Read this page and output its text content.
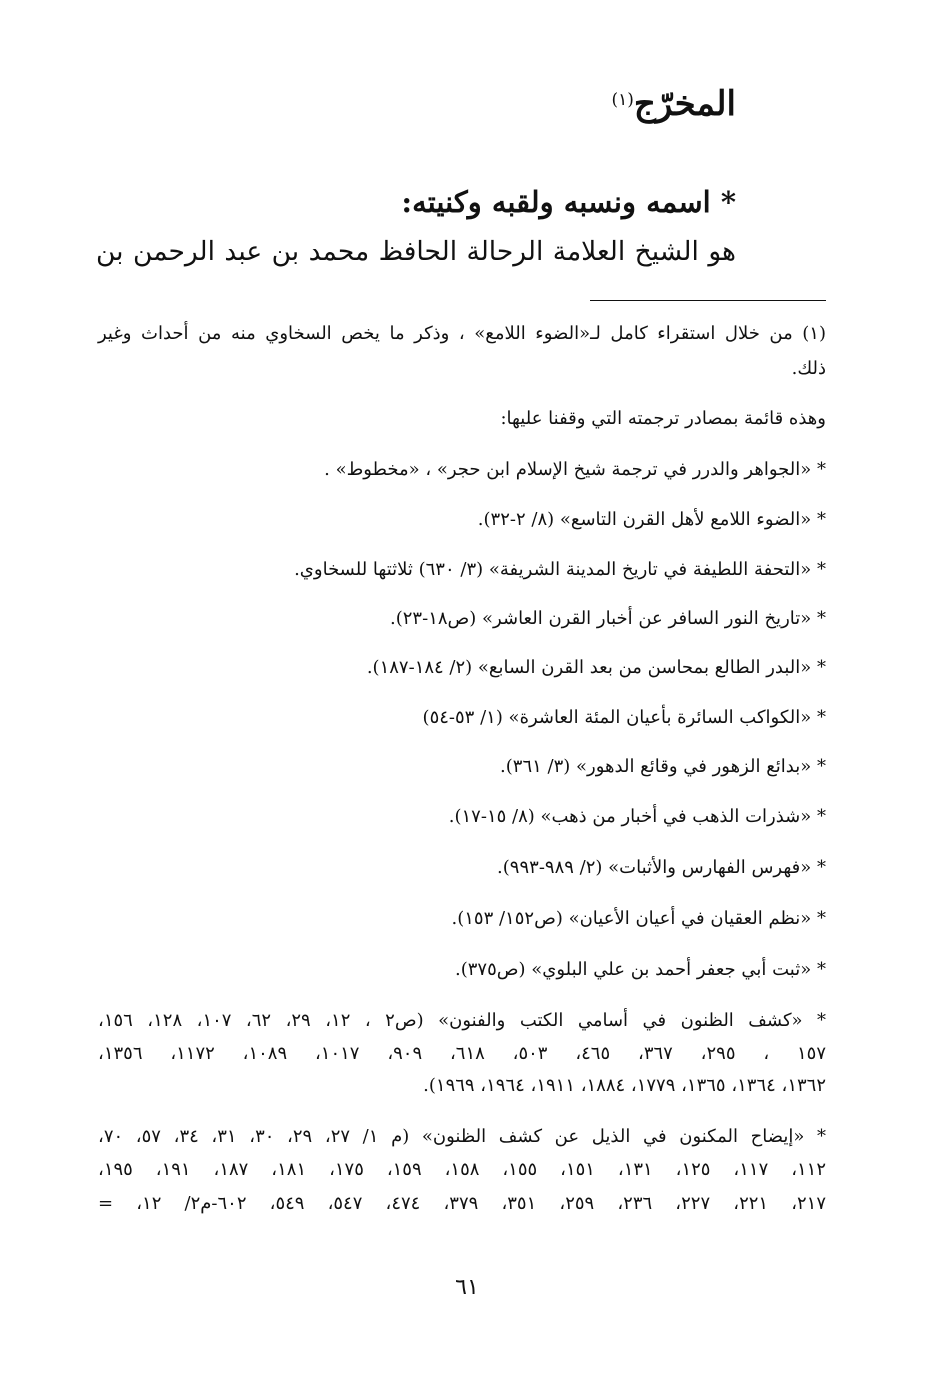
المخرّج$^{(١)}$
* اسمه ونسبه ولقبه وكنيته:
هو الشيخ العلامة الرحالة الحافظ محمد بن عبد الرحمن بن
(١) من خلال استقراء كامل لـ«الضوء اللامع» ، وذكر ما يخص السخاوي منه من أحداث وغير
ذلك.
وهذه قائمة بمصادر ترجمته التي وقفنا عليها:
* «الجواهر والدرر في ترجمة شيخ الإسلام ابن حجر» ، «مخطوط» .
* «الضوء اللامع لأهل القرن التاسع» (٨/ ٢-٣٢).
* «التحفة اللطيفة في تاريخ المدينة الشريفة» (٣/ ٦٣٠) ثلاثتها للسخاوي.
* «تاريخ النور السافر عن أخبار القرن العاشر» (ص١٨-٢٣).
* «البدر الطالع بمحاسن من بعد القرن السابع» (٢/ ١٨٤-١٨٧).
* «الكواكب السائرة بأعيان المئة العاشرة» (١/ ٥٣-٥٤)
* «بدائع الزهور في وقائع الدهور» (٣/ ٣٦١).
* «شذرات الذهب في أخبار من ذهب» (٨/ ١٥-١٧).
* «فهرس الفهارس والأثبات» (٢/ ٩٨٩-٩٩٣).
* «نظم العقيان في أعيان الأعيان» (ص١٥٢/ ١٥٣).
* «ثبت أبي جعفر أحمد بن علي البلوي» (ص٣٧٥).
* «كشف الظنون في أسامي الكتب والفنون» (ص٢ ، ١٢، ٢٩، ٦٢، ١٠٧، ١٢٨، ١٥٦،
١٥٧ ، ٢٩٥، ٣٦٧، ٤٦٥، ٥٠٣، ٦١٨، ٩٠٩، ١٠١٧، ١٠٨٩، ١١٧٢، ١٣٥٦،
١٣٦٢، ١٣٦٤، ١٣٦٥، ١٧٧٩، ١٨٨٤، ١٩١١، ١٩٦٤، ١٩٦٩).
* «إيضاح المكنون في الذيل عن كشف الظنون» (م ١/ ٢٧، ٢٩، ٣٠، ٣١، ٣٤، ٥٧، ٧٠،
١١٢، ١١٧، ١٢٥، ١٣١، ١٥١، ١٥٥، ١٥٨، ١٥٩، ١٧٥، ١٨١، ١٨٧، ١٩١، ١٩٥،
٢١٧، ٢٢١، ٢٢٧، ٢٣٦، ٢٥٩، ٣٥١، ٣٧٩، ٤٧٤، ٥٤٧، ٥٤٩، ٦٠٢-م٢/ ١٢، =
٦١
